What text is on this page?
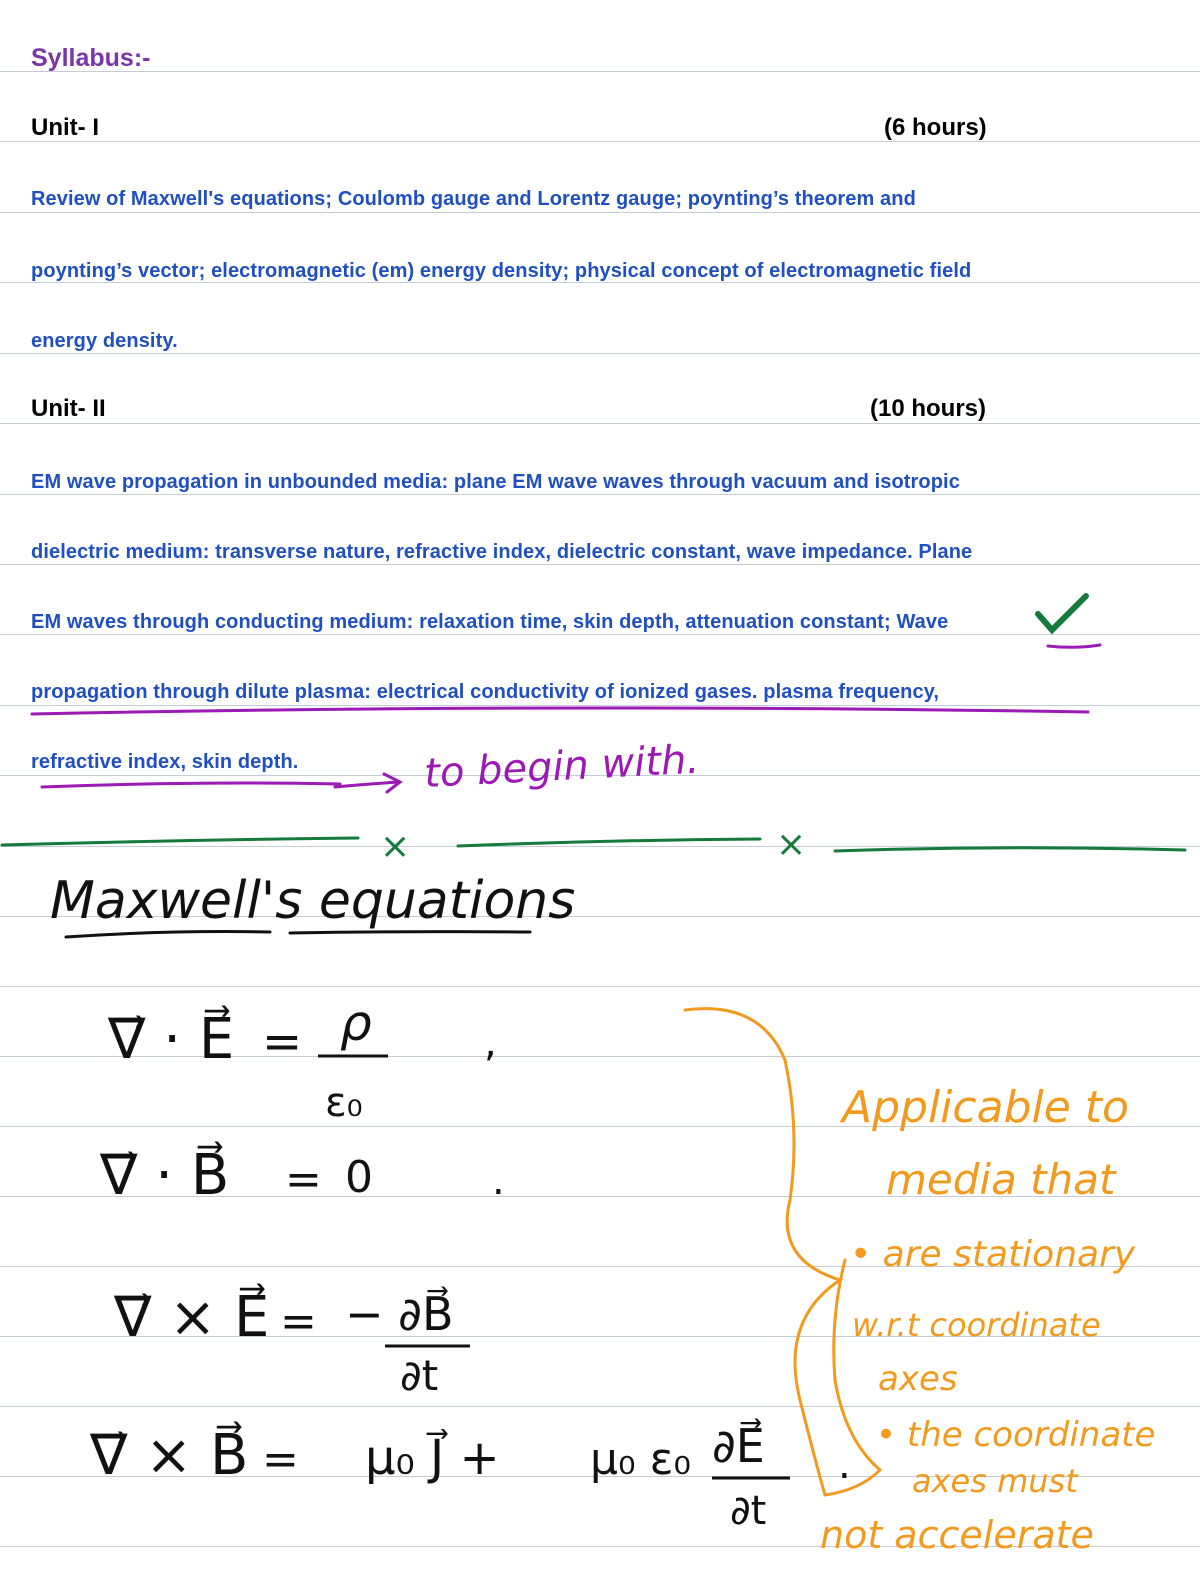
Syllabus:-
Unit- I	(6 hours)
Review of Maxwell's equations; Coulomb gauge and Lorentz gauge; poynting’s theorem and
poynting’s vector; electromagnetic (em) energy density; physical concept of electromagnetic field
energy density.
Unit- II	(10 hours)
EM wave propagation in unbounded media: plane EM wave waves through vacuum and isotropic
dielectric medium: transverse nature, refractive index, dielectric constant, wave impedance. Plane
EM waves through conducting medium: relaxation time, skin depth, attenuation constant; Wave
propagation through dilute plasma: electrical conductivity of ionized gases. plasma frequency,
refractive index, skin depth.	to begin with.
×	×
Maxwell's equations
∇⃗ · E⃗ = ρ
ε₀
,
∇⃗ · B⃗ = 0	.
∇⃗ × E⃗ = − ∂B⃗
∂t
∇⃗ × B⃗ = μ₀ J⃗ + μ₀ ε₀ ∂E⃗
∂t
.
Applicable to
media that
• are stationary
w.r.t coordinate
axes
• the coordinate
axes must
not accelerate
